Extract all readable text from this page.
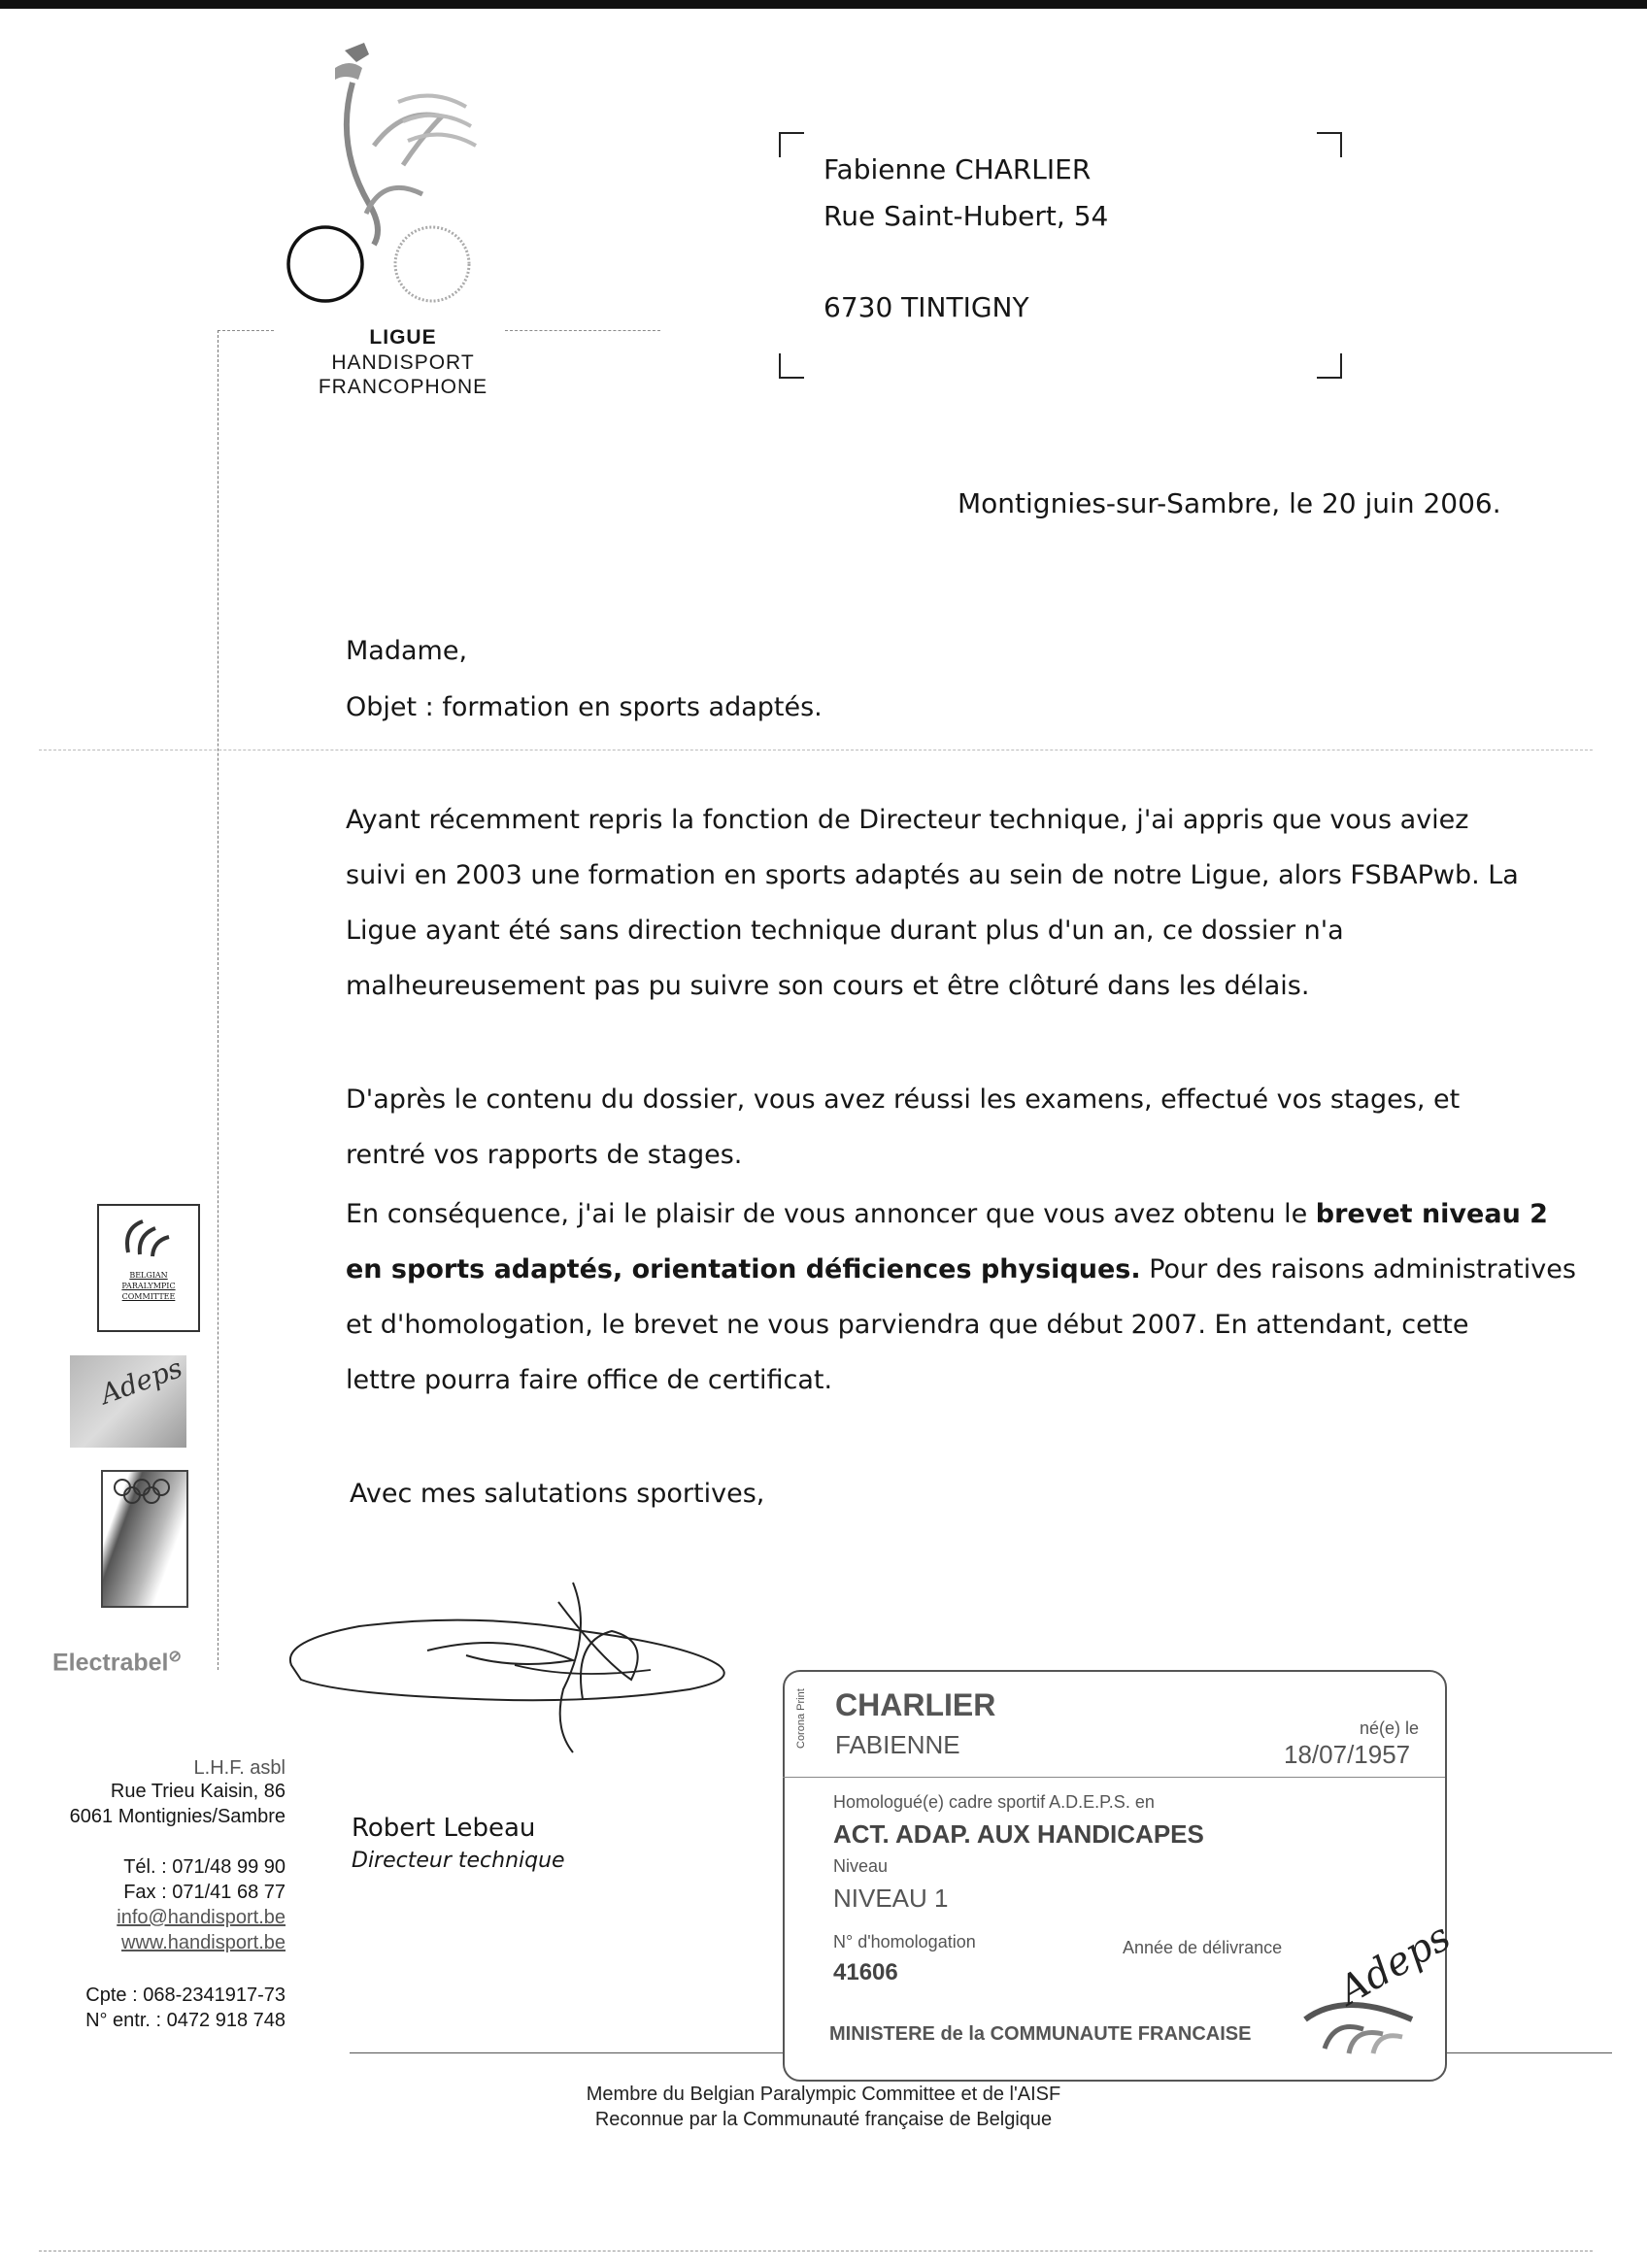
LIGUE
HANDISPORT
FRANCOPHONE
Fabienne CHARLIER
Rue Saint-Hubert, 54
6730 TINTIGNY
Montignies-sur-Sambre, le 20 juin 2006.
Madame,
Objet : formation en sports adaptés.
Ayant récemment repris la fonction de Directeur technique, j'ai appris que vous aviez
suivi en 2003 une formation en sports adaptés au sein de notre Ligue, alors FSBAPwb. La
Ligue ayant été sans direction technique durant plus d'un an, ce dossier n'a
malheureusement pas pu suivre son cours et être clôturé dans les délais.
D'après le contenu du dossier, vous avez réussi les examens, effectué vos stages, et
rentré vos rapports de stages.
En conséquence, j'ai le plaisir de vous annoncer que vous avez obtenu le brevet niveau 2
en sports adaptés, orientation déficiences physiques. Pour des raisons administratives
et d'homologation, le brevet ne vous parviendra que début 2007. En attendant, cette
lettre pourra faire office de certificat.
Avec mes salutations sportives,
Robert Lebeau
Directeur technique
BELGIAN PARALYMPIC COMMITTEE
Adeps
Electrabel⊘
L.H.F. asbl
Rue Trieu Kaisin, 86
6061 Montignies/Sambre
Tél. : 071/48 99 90
Fax : 071/41 68 77
info@handisport.be
www.handisport.be
Cpte : 068-2341917-73
N° entr. : 0472 918 748
Corona Print CHARLIER
FABIENNE
né(e) le
18/07/1957
Homologué(e) cadre sportif A.D.E.P.S. en
ACT. ADAP. AUX HANDICAPES
Niveau
NIVEAU 1
N° d'homologation	Année de délivrance
41606
MINISTERE de la COMMUNAUTE FRANCAISE
Adeps
Membre du Belgian Paralympic Committee et de l'AISF
Reconnue par la Communauté française de Belgique
